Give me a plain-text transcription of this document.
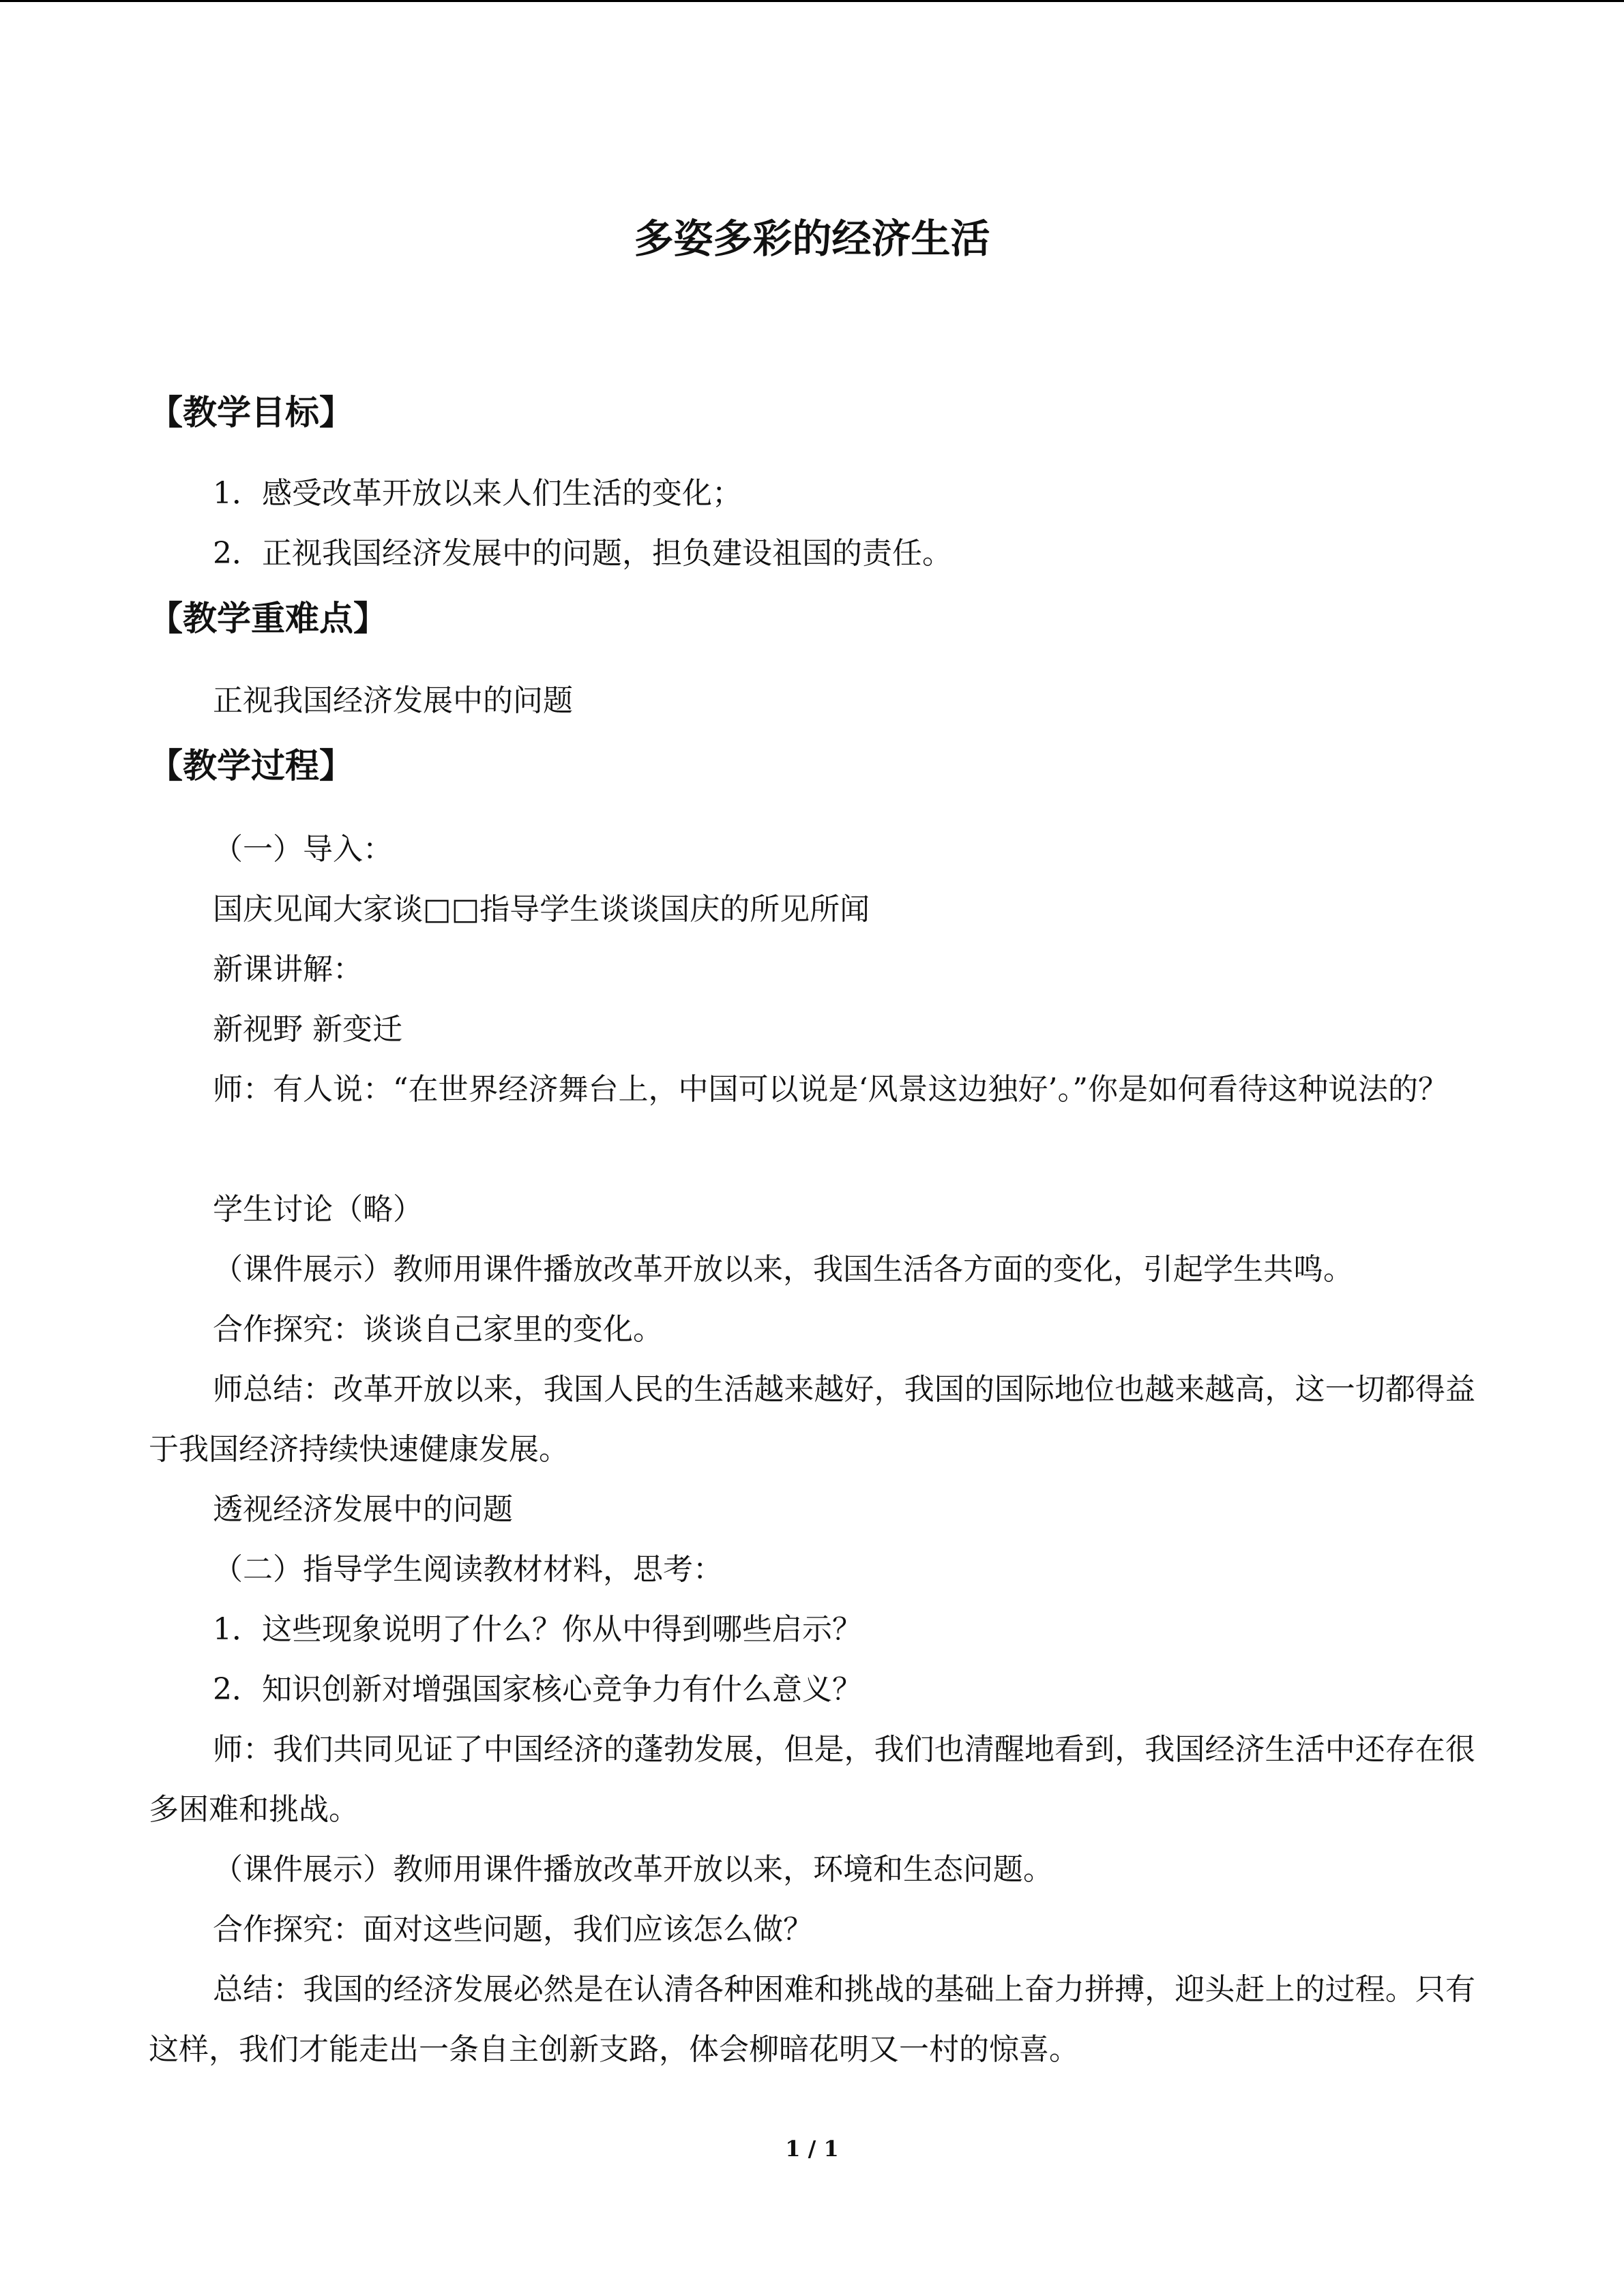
多姿多彩的经济生活
【教学目标】

1．感受改革开放以来人们生活的变化；

2．正视我国经济发展中的问题，担负建设祖国的责任。

【教学重难点】

正视我国经济发展中的问题

【教学过程】

（一）导入：

国庆见闻大家谈□□指导学生谈谈国庆的所见所闻

新课讲解：

新视野 新变迁

师：有人说：“在世界经济舞台上，中国可以说是‘风景这边独好’。”你是如何看待这种说法的？

学生讨论（略）

（课件展示）教师用课件播放改革开放以来，我国生活各方面的变化，引起学生共鸣。

合作探究：谈谈自己家里的变化。

师总结：改革开放以来，我国人民的生活越来越好，我国的国际地位也越来越高，这一切都得益于我国经济持续快速健康发展。

透视经济发展中的问题

（二）指导学生阅读教材材料，思考：

1．这些现象说明了什么？你从中得到哪些启示？

2．知识创新对增强国家核心竞争力有什么意义？

师：我们共同见证了中国经济的蓬勃发展，但是，我们也清醒地看到，我国经济生活中还存在很多困难和挑战。

（课件展示）教师用课件播放改革开放以来，环境和生态问题。

合作探究：面对这些问题，我们应该怎么做？

总结：我国的经济发展必然是在认清各种困难和挑战的基础上奋力拼搏，迎头赶上的过程。只有这样，我们才能走出一条自主创新支路，体会柳暗花明又一村的惊喜。

1 / 1
